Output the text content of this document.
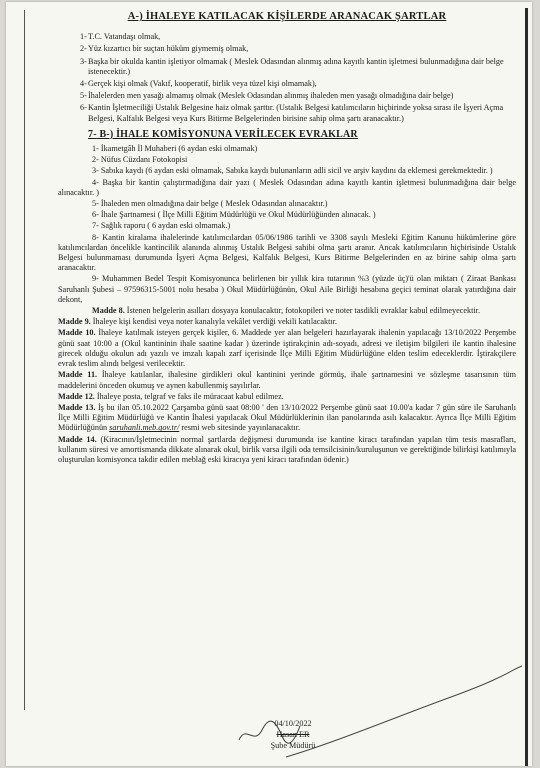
A-) İHALEYE KATILACAK KİŞİLERDE ARANACAK ŞARTLAR
1- T.C. Vatandaşı olmak,
2- Yüz kızartıcı bir suçtan hüküm giymemiş olmak,
3- Başka bir okulda kantin işletiyor olmamak ( Meslek Odasından alınmış adına kayıtlı kantin işletmesi bulunmadığına dair belge istenecektir.)
4- Gerçek kişi olmak (Vakıf, kooperatif, birlik veya tüzel kişi olmamak),
5- İhalelerden men yasağı almamış olmak (Meslek Odasından alınmış ihaleden men yasağı olmadığına dair belge)
6- Kantin İşletmeciliği Ustalık Belgesine haiz olmak şarttır. (Ustalık Belgesi katılımcıların hiçbirinde yoksa sırası ile İşyeri Açma Belgesi, Kalfalık Belgesi veya Kurs Bitirme Belgelerinden birisine sahip olma şartı aranacaktır.)
7- B-) İHALE KOMİSYONUNA VERİLECEK EVRAKLAR

1- İkametgâh İl Muhaberi (6 aydan eski olmamak)

2- Nüfus Cüzdanı Fotokopisi

3- Sabıka kaydı (6 aydan eski olmamak, Sabıka kaydı bulunanların adli sicil ve arşiv kaydını da eklemesi gerekmektedir. )

4- Başka bir kantin çalıştırmadığına dair yazı ( Meslek Odasından adına kayıtlı kantin işletmesi bulunmadığına dair belge alınacaktır. )

5- İhaleden men olmadığına dair belge ( Meslek Odasından alınacaktır.)

6- İhale Şartnamesi ( İlçe Milli Eğitim Müdürlüğü ve Okul Müdürlüğünden alınacak. )

7- Sağlık raporu ( 6 aydan eski olmamak.)

8- Kantin kiralama ihalelerinde katılımcılardan 05/06/1986 tarihli ve 3308 sayılı Mesleki Eğitim Kanunu hükümlerine göre katılımcılardan öncelikle kantincilik alanında alınmış Ustalık Belgesi sahibi olma şartı aranır. Ancak katılımcıların hiçbirisinde Ustalık Belgesi bulunmaması durumunda İşyeri Açma Belgesi, Kalfalık Belgesi, Kurs Bitirme Belgelerinden en az birine sahip olma şartı aranacaktır.

9- Muhammen Bedel Tespit Komisyonunca belirlenen bir yıllık kira tutarının %3 (yüzde üç)'ü olan miktarı ( Ziraat Bankası Saruhanlı Şubesi – 97596315-5001 nolu hesaba ) Okul Müdürlüğünün, Okul Aile Birliği hesabına geçici teminat olarak yatırdığına dair dekont,

Madde 8. İstenen belgelerin asılları dosyaya konulacaktır, fotokopileri ve noter tasdikli evraklar kabul edilmeyecektir.

Madde 9. İhaleye kişi kendisi veya noter kanalıyla vekâlet verdiği vekili katılacaktır.

Madde 10. İhaleye katılmak isteyen gerçek kişiler, 6. Maddede yer alan belgeleri hazırlayarak ihalenin yapılacağı 13/10/2022 Perşembe günü saat 10:00 a (Okul kantininin ihale saatine kadar ) üzerinde iştirakçinin adı-soyadı, adresi ve iletişim bilgileri ile kantin ihalesine girecek olduğu okulun adı yazılı ve imzalı kapalı zarf içerisinde İlçe Milli Eğitim Müdürlüğüne elden teslim edeceklerdir. İştirakçilere evrak teslim alındı belgesi verilecektir.

Madde 11. İhaleye katılanlar, ihalesine girdikleri okul kantinini yerinde görmüş, ihale şartnamesini ve sözleşme tasarısının tüm maddelerini önceden okumuş ve aynen kabullenmiş sayılırlar.

Madde 12. İhaleye posta, telgraf ve faks ile müracaat kabul edilmez.

Madde 13. İş bu ilan 05.10.2022 Çarşamba günü saat 08:00 ' den 13/10/2022 Perşembe günü saat 10.00'a kadar 7 gün süre ile Saruhanlı İlçe Milli Eğitim Müdürlüğü ve Kantin İhalesi yapılacak Okul Müdürlüklerinin ilan panolarında asılı kalacaktır. Ayrıca İlçe Milli Eğitim Müdürlüğünün saruhanli.meb.gov.tr/ resmi web sitesinde yayınlanacaktır.

Madde 14. (Kiracının/İşletmecinin normal şartlarda değişmesi durumunda ise kantine kiracı tarafından yapılan tüm tesis masrafları, kullanım süresi ve amortismanda dikkate alınarak okul, birlik varsa ilgili oda temsilcisinin/kuruluşunun ve gerektiğinde bilirkişi katılımıyla oluşturulan komisyonca takdir edilen meblağ eski kiracıya yeni kiracı tarafından ödenir.)

04/10/2022
Hasan ER
Şube Müdürü
